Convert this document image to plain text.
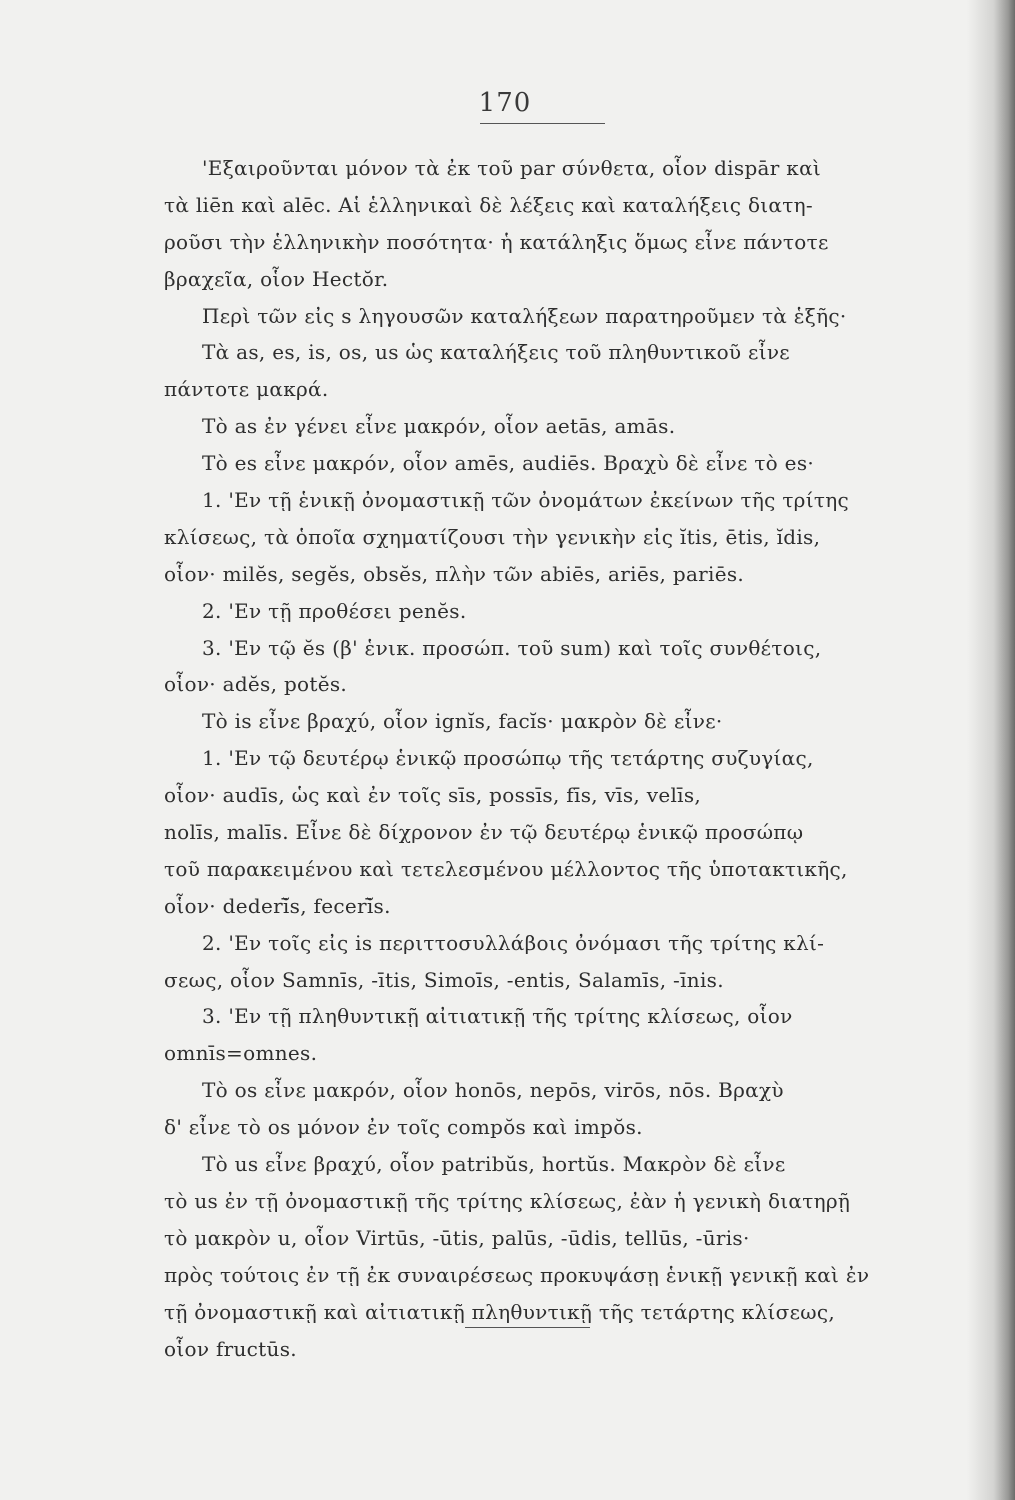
170
'Εξαιροῦνται μόνον τὰ ἐκ τοῦ par σύνθετα, οἷον dispār καὶ
τὰ liēn καὶ alēc. Αἱ ἑλληνικαὶ δὲ λέξεις καὶ καταλήξεις διατη-
ροῦσι τὴν ἑλληνικὴν ποσότητα· ἡ κατάληξις ὅμως εἶνε πάντοτε
βραχεῖα, οἷον Hectŏr.
Περὶ τῶν εἰς s ληγουσῶν καταλήξεων παρατηροῦμεν τὰ ἑξῆς·
Τὰ as, es, is, os, us ὡς καταλήξεις τοῦ πληθυντικοῦ εἶνε
πάντοτε μακρά.
Τὸ as ἐν γένει εἶνε μακρόν, οἷον aetās, amās.
Τὸ es εἶνε μακρόν, οἷον amēs, audiēs. Βραχὺ δὲ εἶνε τὸ es·
1. 'Εν τῇ ἑνικῇ ὀνομαστικῇ τῶν ὀνομάτων ἐκείνων τῆς τρίτης
κλίσεως, τὰ ὁποῖα σχηματίζουσι τὴν γενικὴν εἰς ĭtis, ētis, ĭdis,
οἷον· milĕs, segĕs, obsĕs, πλὴν τῶν abiēs, ariēs, pariēs.
2. 'Εν τῇ προθέσει penĕs.
3. 'Εν τῷ ĕs (β' ἑνικ. προσώπ. τοῦ sum) καὶ τοῖς συνθέτοις,
οἷον· adĕs, potĕs.
Τὸ is εἶνε βραχύ, οἷον ignĭs, facĭs· μακρὸν δὲ εἶνε·
1. 'Εν τῷ δευτέρῳ ἑνικῷ προσώπῳ τῆς τετάρτης συζυγίας,
οἷον· audīs, ὡς καὶ ἐν τοῖς sīs, possīs, fīs, vīs, velīs,
nolīs, malīs. Εἶνε δὲ δίχρονον ἐν τῷ δευτέρῳ ἑνικῷ προσώπῳ
τοῦ παρακειμένου καὶ τετελεσμένου μέλλοντος τῆς ὑποτακτικῆς,
οἷον· dederĭ̄s, fecerĭ̄s.
2. 'Εν τοῖς εἰς is περιττοσυλλάβοις ὀνόμασι τῆς τρίτης κλί-
σεως, οἷον Samnīs, -ītis, Simoīs, -entis, Salamīs, -īnis.
3. 'Εν τῇ πληθυντικῇ αἰτιατικῇ τῆς τρίτης κλίσεως, οἷον
omnīs=omnes.
Τὸ os εἶνε μακρόν, οἷον honōs, nepōs, virōs, nōs. Βραχὺ
δ' εἶνε τὸ os μόνον ἐν τοῖς compŏs καὶ impŏs.
Τὸ us εἶνε βραχύ, οἷον patribŭs, hortŭs. Μακρὸν δὲ εἶνε
τὸ us ἐν τῇ ὀνομαστικῇ τῆς τρίτης κλίσεως, ἐὰν ἡ γενικὴ διατηρῇ
τὸ μακρὸν u, οἷον Virtūs, -ūtis, palūs, -ūdis, tellūs, -ūris·
πρὸς τούτοις ἐν τῇ ἐκ συναιρέσεως προκυψάσῃ ἑνικῇ γενικῇ καὶ ἐν
τῇ ὀνομαστικῇ καὶ αἰτιατικῇ πληθυντικῇ τῆς τετάρτης κλίσεως,
οἷον fructūs.
